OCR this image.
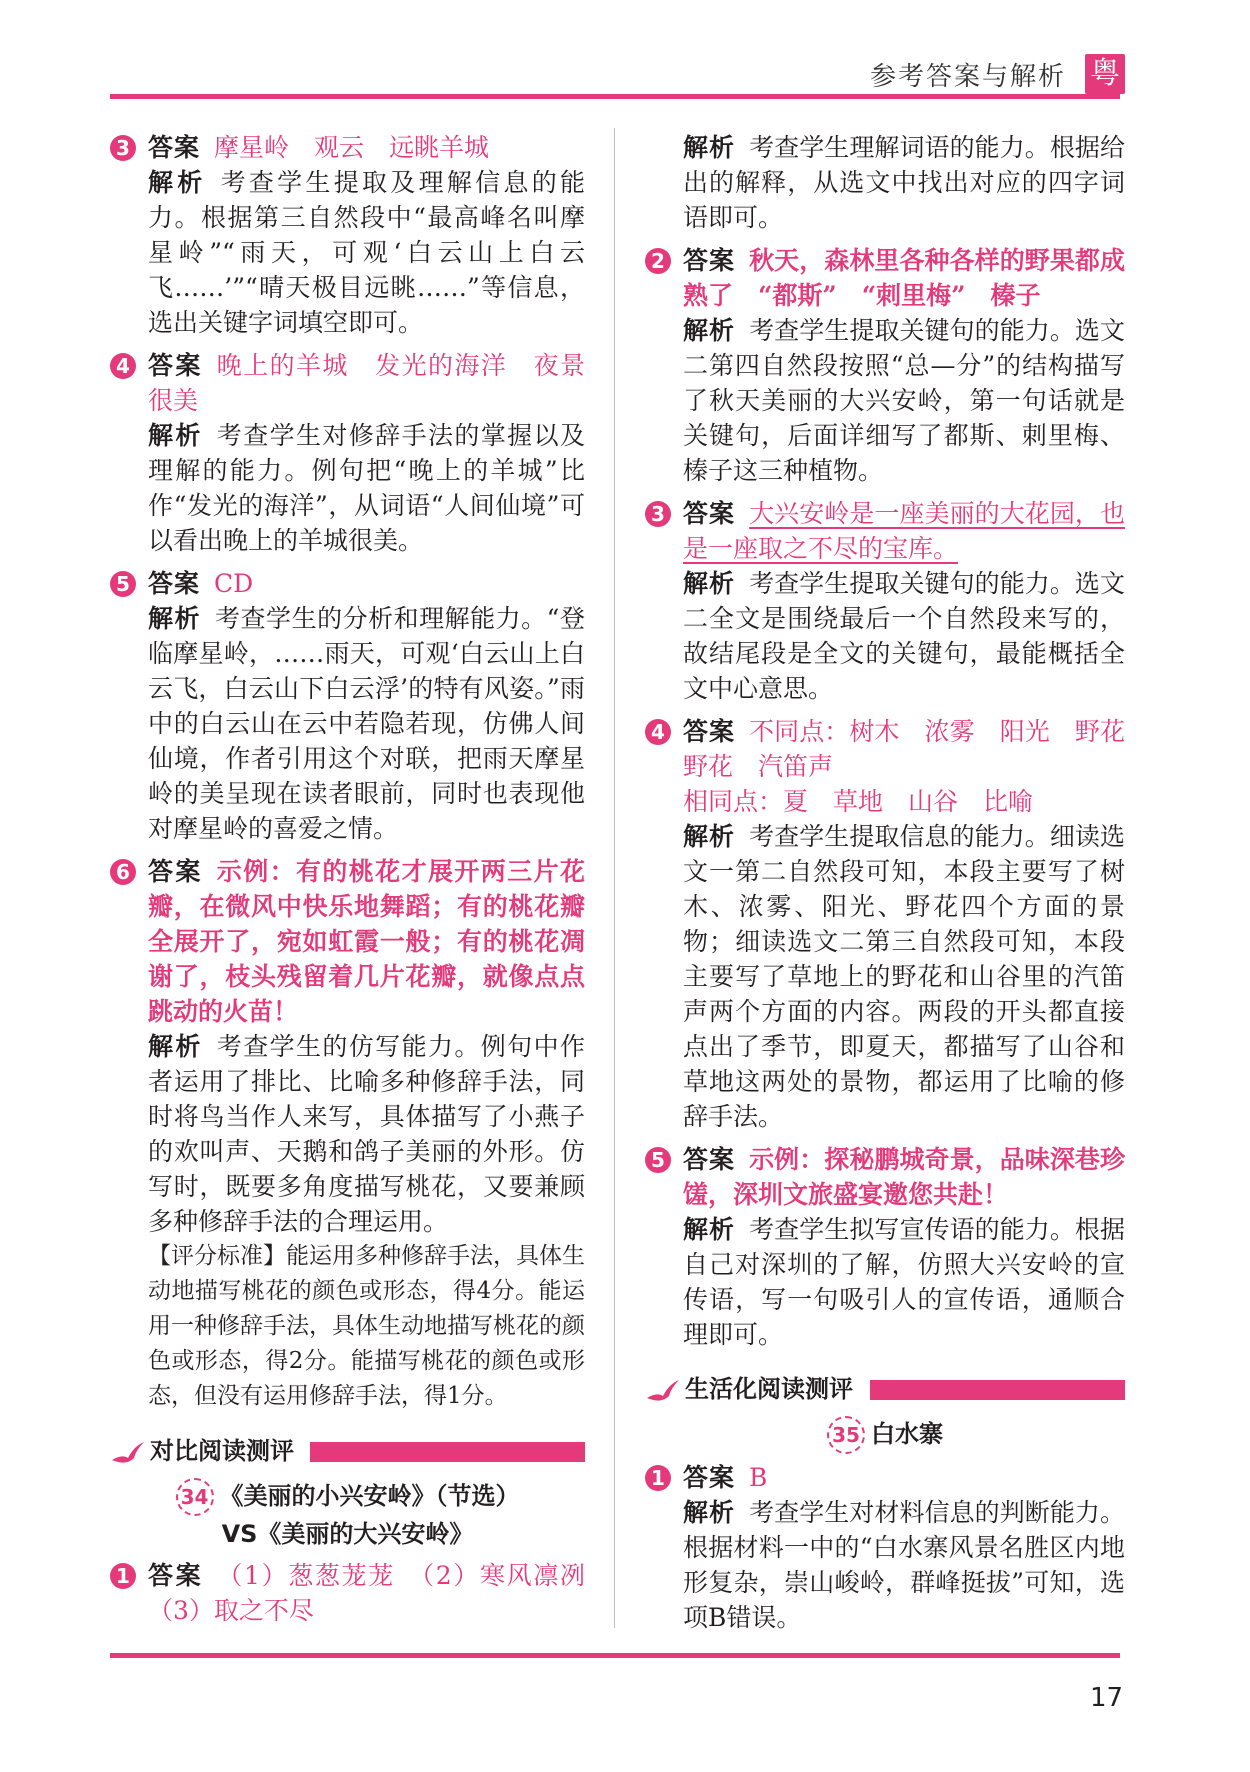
参考答案与解析 粤
3 答案 摩星岭　观云　远眺羊城
解析 考查学生提取及理解信息的能力。根据第三自然段中“最高峰名叫摩星岭”“雨天，可观‘白云山上白云飞……’”“晴天极目远眺……”等信息，选出关键字词填空即可。
4 答案 晚上的羊城　发光的海洋　夜景很美
解析 考查学生对修辞手法的掌握以及理解的能力。例句把“晚上的羊城”比作“发光的海洋”，从词语“人间仙境”可以看出晚上的羊城很美。
5 答案 CD
解析 考查学生的分析和理解能力。“登临摩星岭，……雨天，可观‘白云山上白云飞，白云山下白云浮’的特有风姿。”雨中的白云山在云中若隐若现，仿佛人间仙境，作者引用这个对联，把雨天摩星岭的美呈现在读者眼前，同时也表现他对摩星岭的喜爱之情。
6 答案 示例：有的桃花才展开两三片花瓣，在微风中快乐地舞蹈；有的桃花瓣全展开了，宛如虹霞一般；有的桃花凋谢了，枝头残留着几片花瓣，就像点点跳动的火苗！
解析 考查学生的仿写能力。例句中作者运用了排比、比喻多种修辞手法，同时将鸟当作人来写，具体描写了小燕子的欢叫声、天鹅和鸽子美丽的外形。仿写时，既要多角度描写桃花，又要兼顾多种修辞手法的合理运用。
【评分标准】能运用多种修辞手法，具体生动地描写桃花的颜色或形态，得4分。能运用一种修辞手法，具体生动地描写桃花的颜色或形态，得2分。能描写桃花的颜色或形态，但没有运用修辞手法，得1分。
对比阅读测评
34 《美丽的小兴安岭》（节选）
VS《美丽的大兴安岭》
1 答案 （1）葱葱茏茏　（2）寒风凛冽（3）取之不尽
解析 考查学生理解词语的能力。根据给出的解释，从选文中找出对应的四字词语即可。
2 答案 秋天，森林里各种各样的野果都成熟了　“都斯”　“刺里梅”　榛子
解析 考查学生提取关键句的能力。选文二第四自然段按照“总—分”的结构描写了秋天美丽的大兴安岭，第一句话就是关键句，后面详细写了都斯、刺里梅、榛子这三种植物。
3 答案 大兴安岭是一座美丽的大花园，也是一座取之不尽的宝库。
解析 考查学生提取关键句的能力。选文二全文是围绕最后一个自然段来写的，故结尾段是全文的关键句，最能概括全文中心意思。
4 答案 不同点：树木　浓雾　阳光　野花　野花　汽笛声
相同点：夏　草地　山谷　比喻
解析 考查学生提取信息的能力。细读选文一第二自然段可知，本段主要写了树木、浓雾、阳光、野花四个方面的景物；细读选文二第三自然段可知，本段主要写了草地上的野花和山谷里的汽笛声两个方面的内容。两段的开头都直接点出了季节，即夏天，都描写了山谷和草地这两处的景物，都运用了比喻的修辞手法。
5 答案 示例：探秘鹏城奇景，品味深巷珍馐，深圳文旅盛宴邀您共赴！
解析 考查学生拟写宣传语的能力。根据自己对深圳的了解，仿照大兴安岭的宣传语，写一句吸引人的宣传语，通顺合理即可。
生活化阅读测评
35 白水寨
1 答案 B
解析 考查学生对材料信息的判断能力。根据材料一中的“白水寨风景名胜区内地形复杂，崇山峻岭，群峰挺拔”可知，选项B错误。
17
